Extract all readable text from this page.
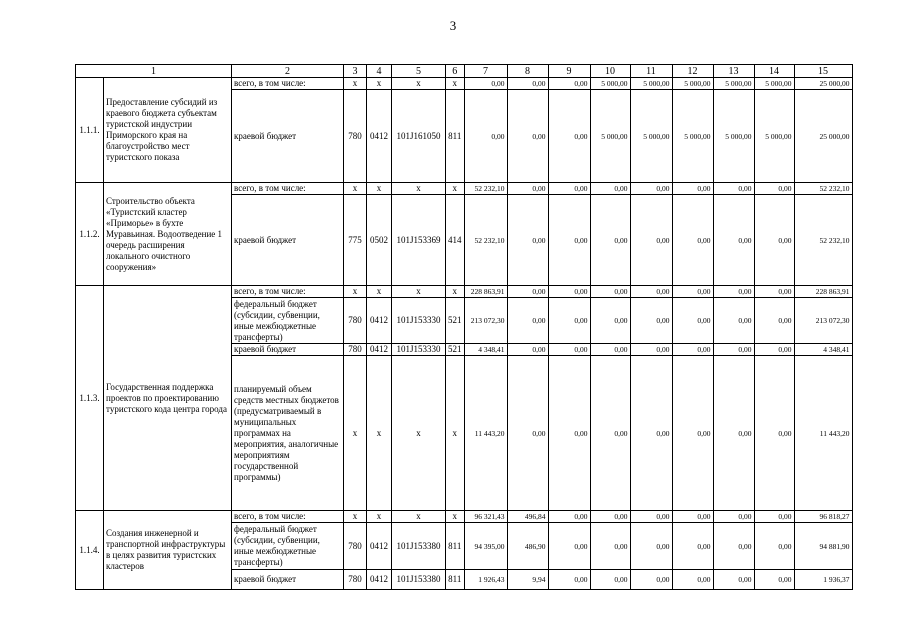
3
1		2	3	4	5	6	7	8	9	10	11	12	13	14	15
1.1.1.	Предоставление субсидий из краевого бюджета субъектам туристской индустрии Приморского края на благоустройство мест туристского показа	всего, в том числе:	x	x	x	x	0,00	0,00	0,00	5 000,00	5 000,00	5 000,00	5 000,00	5 000,00	25 000,00
		краевой бюджет	780	0412	101J161050	811	0,00	0,00	0,00	5 000,00	5 000,00	5 000,00	5 000,00	5 000,00	25 000,00
1.1.2.	Строительство объекта «Туристский кластер «Приморье» в бухте Муравьиная. Водоотведение 1 очередь расширения локального очистного сооружения»	всего, в том числе:	x	x	x	x	52 232,10	0,00	0,00	0,00	0,00	0,00	0,00	0,00	52 232,10
		краевой бюджет	775	0502	101J153369	414	52 232,10	0,00	0,00	0,00	0,00	0,00	0,00	0,00	52 232,10
1.1.3.	Государственная поддержка проектов по проектированию туристского кода центра города	всего, в том числе:	x	x	x	x	228 863,91	0,00	0,00	0,00	0,00	0,00	0,00	0,00	228 863,91
		федеральный бюджет (субсидии, субвенции, иные межбюджетные трансферты)	780	0412	101J153330	521	213 072,30	0,00	0,00	0,00	0,00	0,00	0,00	0,00	213 072,30
		краевой бюджет	780	0412	101J153330	521	4 348,41	0,00	0,00	0,00	0,00	0,00	0,00	0,00	4 348,41
		планируемый объем средств местных бюджетов (предусматриваемый в муниципальных программах на мероприятия, аналогичные мероприятиям государственной программы)	x	x	x	x	11 443,20	0,00	0,00	0,00	0,00	0,00	0,00	0,00	11 443,20
1.1.4.	Создания инженерной и транспортной инфраструктуры в целях развития туристских кластеров	всего, в том числе:	x	x	x	x	96 321,43	496,84	0,00	0,00	0,00	0,00	0,00	0,00	96 818,27
		федеральный бюджет (субсидии, субвенции, иные межбюджетные трансферты)	780	0412	101J153380	811	94 395,00	486,90	0,00	0,00	0,00	0,00	0,00	0,00	94 881,90
		краевой бюджет	780	0412	101J153380	811	1 926,43	9,94	0,00	0,00	0,00	0,00	0,00	0,00	1 936,37
